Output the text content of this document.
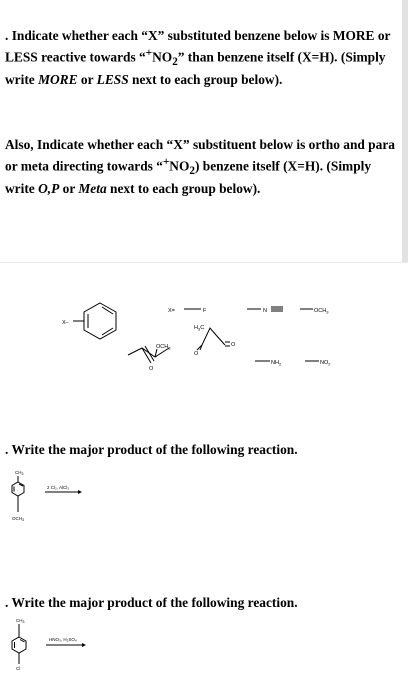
. Indicate whether each “X” substituted benzene below is MORE or LESS reactive towards “$^+NO_2$” than benzene itself (X=H). (Simply write MORE or LESS next to each group below).
Also, Indicate whether each “X” substituent below is ortho and para or meta directing towards “$^+NO_2$) benzene itself (X=H). (Simply write O,P or Meta next to each group below).
X–
X=	F	N	$OCH_3$
$OCH_3$
O
$H_3C$
O
O
$NH_2$	$NO_2$
. Write the major product of the following reaction.
$CH_3$
$OCH_3$
2 Cl₂, AlCl₃
. Write the major product of the following reaction.
$CH_3$
Cl
HNO₃, H₂SO₄
